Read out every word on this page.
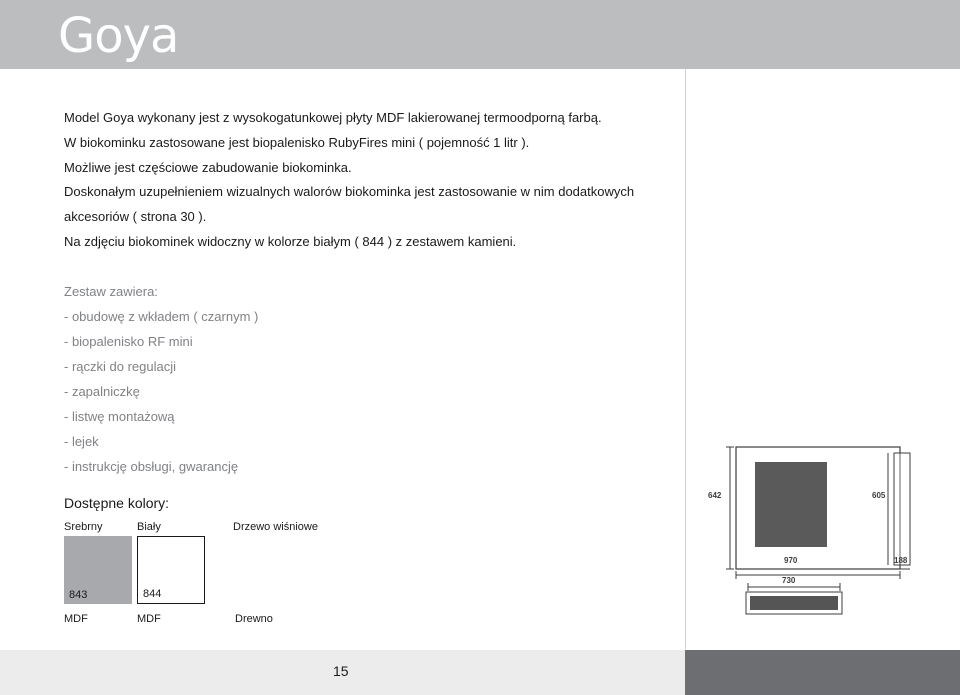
Goya

Model Goya wykonany jest z wysokogatunkowej płyty MDF lakierowanej termoodporną farbą.

W biokominku zastosowane jest biopalenisko RubyFires mini ( pojemność 1 litr ).

Możliwe jest częściowe zabudowanie biokominka.

Doskonałym uzupełnieniem wizualnych walorów biokominka jest zastosowanie w nim dodatkowych

akcesoriów ( strona 30 ).

Na zdjęciu biokominek widoczny w kolorze białym ( 844 ) z zestawem kamieni.

Zestaw zawiera:

- obudowę z wkładem ( czarnym )

- biopalenisko RF mini

- rączki do regulacji

- zapalniczkę

- listwę montażową

- lejek

- instrukcję obsługi, gwarancję

Dostępne kolory:
Srebrny	Biały	Drzewo wiśniowe
843	844
MDF	MDF	Drewno
642	605
970	188
730
15
